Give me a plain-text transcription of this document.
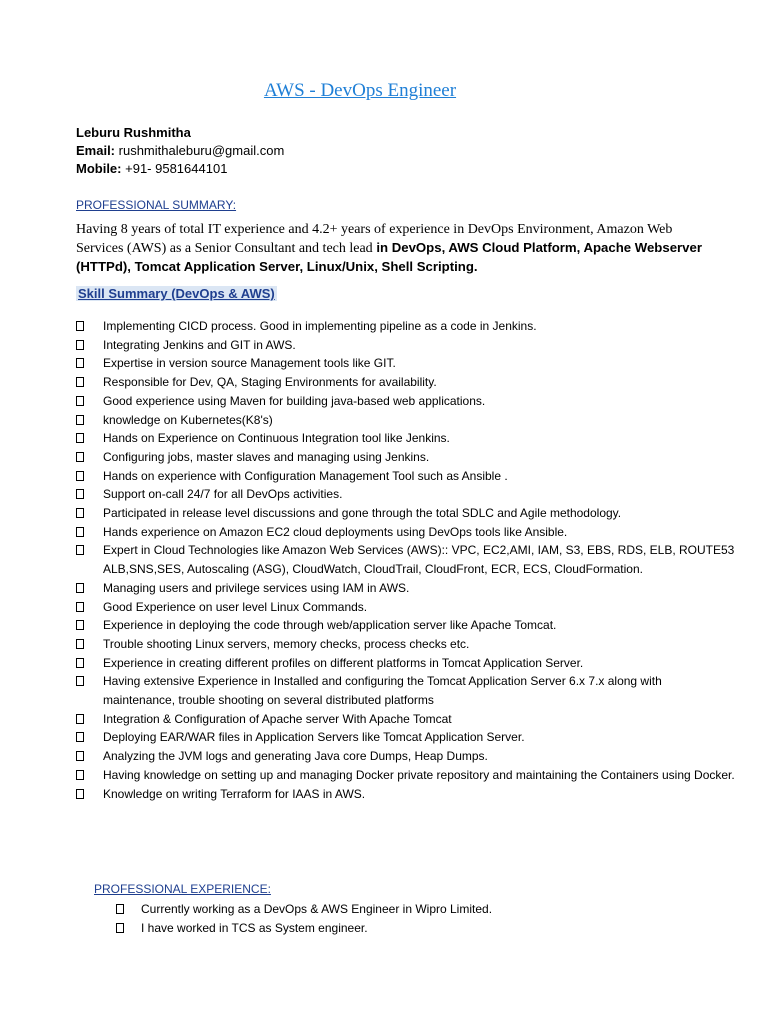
AWS - DevOps Engineer
Leburu Rushmitha
Email: rushmithaleburu@gmail.com
Mobile: +91- 9581644101
PROFESSIONAL SUMMARY:
Having 8 years of total IT experience and 4.2+ years of experience in DevOps Environment, Amazon Web Services (AWS) as a Senior Consultant and tech lead in DevOps, AWS Cloud Platform, Apache Webserver (HTTPd), Tomcat Application Server, Linux/Unix, Shell Scripting.
Skill Summary (DevOps & AWS)
Implementing CICD process. Good in implementing pipeline as a code in Jenkins.
Integrating Jenkins and GIT in AWS.
Expertise in version source Management tools like GIT.
Responsible for Dev, QA, Staging Environments for availability.
Good experience using Maven for building java-based web applications.
knowledge on Kubernetes(K8's)
Hands on Experience on Continuous Integration tool like Jenkins.
Configuring jobs, master slaves and managing using Jenkins.
Hands on experience with Configuration Management Tool such as Ansible .
Support on-call 24/7 for all DevOps activities.
Participated in release level discussions and gone through the total SDLC and Agile methodology.
Hands experience on Amazon EC2 cloud deployments using DevOps tools like Ansible.
Expert in Cloud Technologies like Amazon Web Services (AWS):: VPC, EC2,AMI, IAM, S3, EBS, RDS, ELB, ROUTE53 ALB,SNS,SES, Autoscaling (ASG), CloudWatch, CloudTrail, CloudFront, ECR, ECS, CloudFormation.
Managing users and privilege services using IAM in AWS.
Good Experience on user level Linux Commands.
Experience in deploying the code through web/application server like Apache Tomcat.
Trouble shooting Linux servers, memory checks, process checks etc.
Experience in creating different profiles on different platforms in Tomcat Application Server.
Having extensive Experience in Installed and configuring the Tomcat Application Server 6.x 7.x along with maintenance, trouble shooting on several distributed platforms
Integration & Configuration of Apache server With Apache Tomcat
Deploying EAR/WAR files in Application Servers like Tomcat Application Server.
Analyzing the JVM logs and generating Java core Dumps, Heap Dumps.
Having knowledge on setting up and managing Docker private repository and maintaining the Containers using Docker.
Knowledge on writing Terraform for IAAS in AWS.
PROFESSIONAL EXPERIENCE:
Currently working as a DevOps & AWS Engineer in Wipro Limited.
I have worked in TCS as System engineer.
